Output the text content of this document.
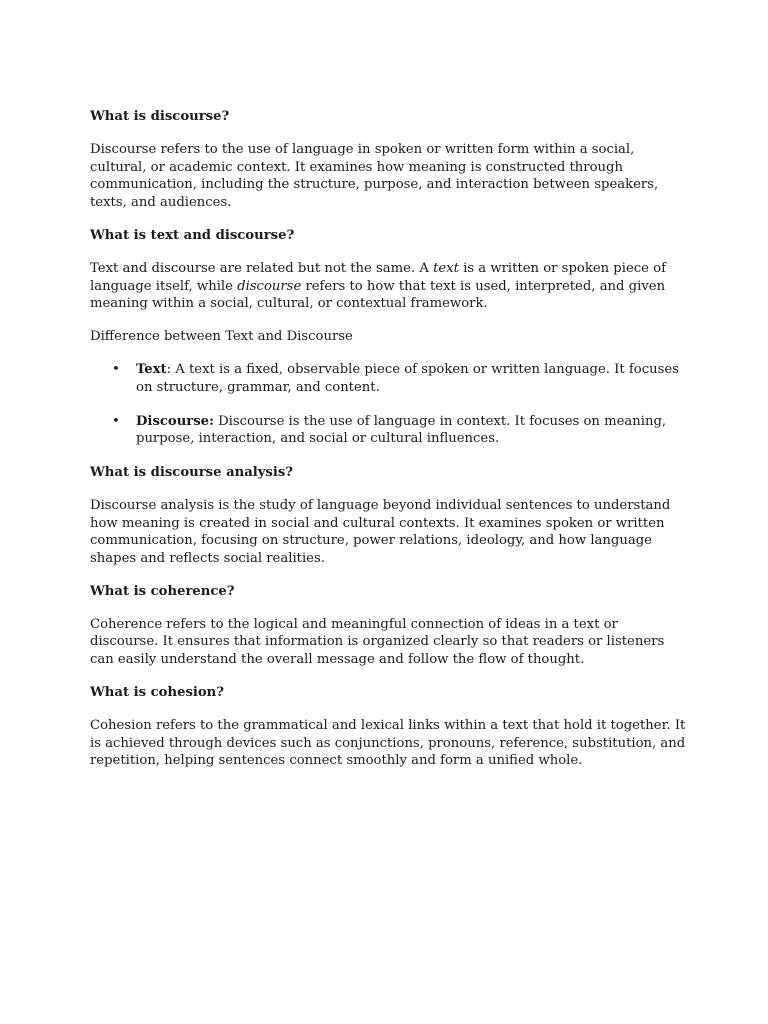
What is discourse?

Discourse refers to the use of language in spoken or written form within a social, cultural, or academic context. It examines how meaning is constructed through communication, including the structure, purpose, and interaction between speakers, texts, and audiences.

What is text and discourse?

Text and discourse are related but not the same. A text is a written or spoken piece of language itself, while discourse refers to how that text is used, interpreted, and given meaning within a social, cultural, or contextual framework.

Difference between Text and Discourse

• Text: A text is a fixed, observable piece of spoken or written language. It focuses on structure, grammar, and content.
• Discourse: Discourse is the use of language in context. It focuses on meaning, purpose, interaction, and social or cultural influences.

What is discourse analysis?

Discourse analysis is the study of language beyond individual sentences to understand how meaning is created in social and cultural contexts. It examines spoken or written communication, focusing on structure, power relations, ideology, and how language shapes and reflects social realities.

What is coherence?

Coherence refers to the logical and meaningful connection of ideas in a text or discourse. It ensures that information is organized clearly so that readers or listeners can easily understand the overall message and follow the flow of thought.

What is cohesion?

Cohesion refers to the grammatical and lexical links within a text that hold it together. It is achieved through devices such as conjunctions, pronouns, reference, substitution, and repetition, helping sentences connect smoothly and form a unified whole.
